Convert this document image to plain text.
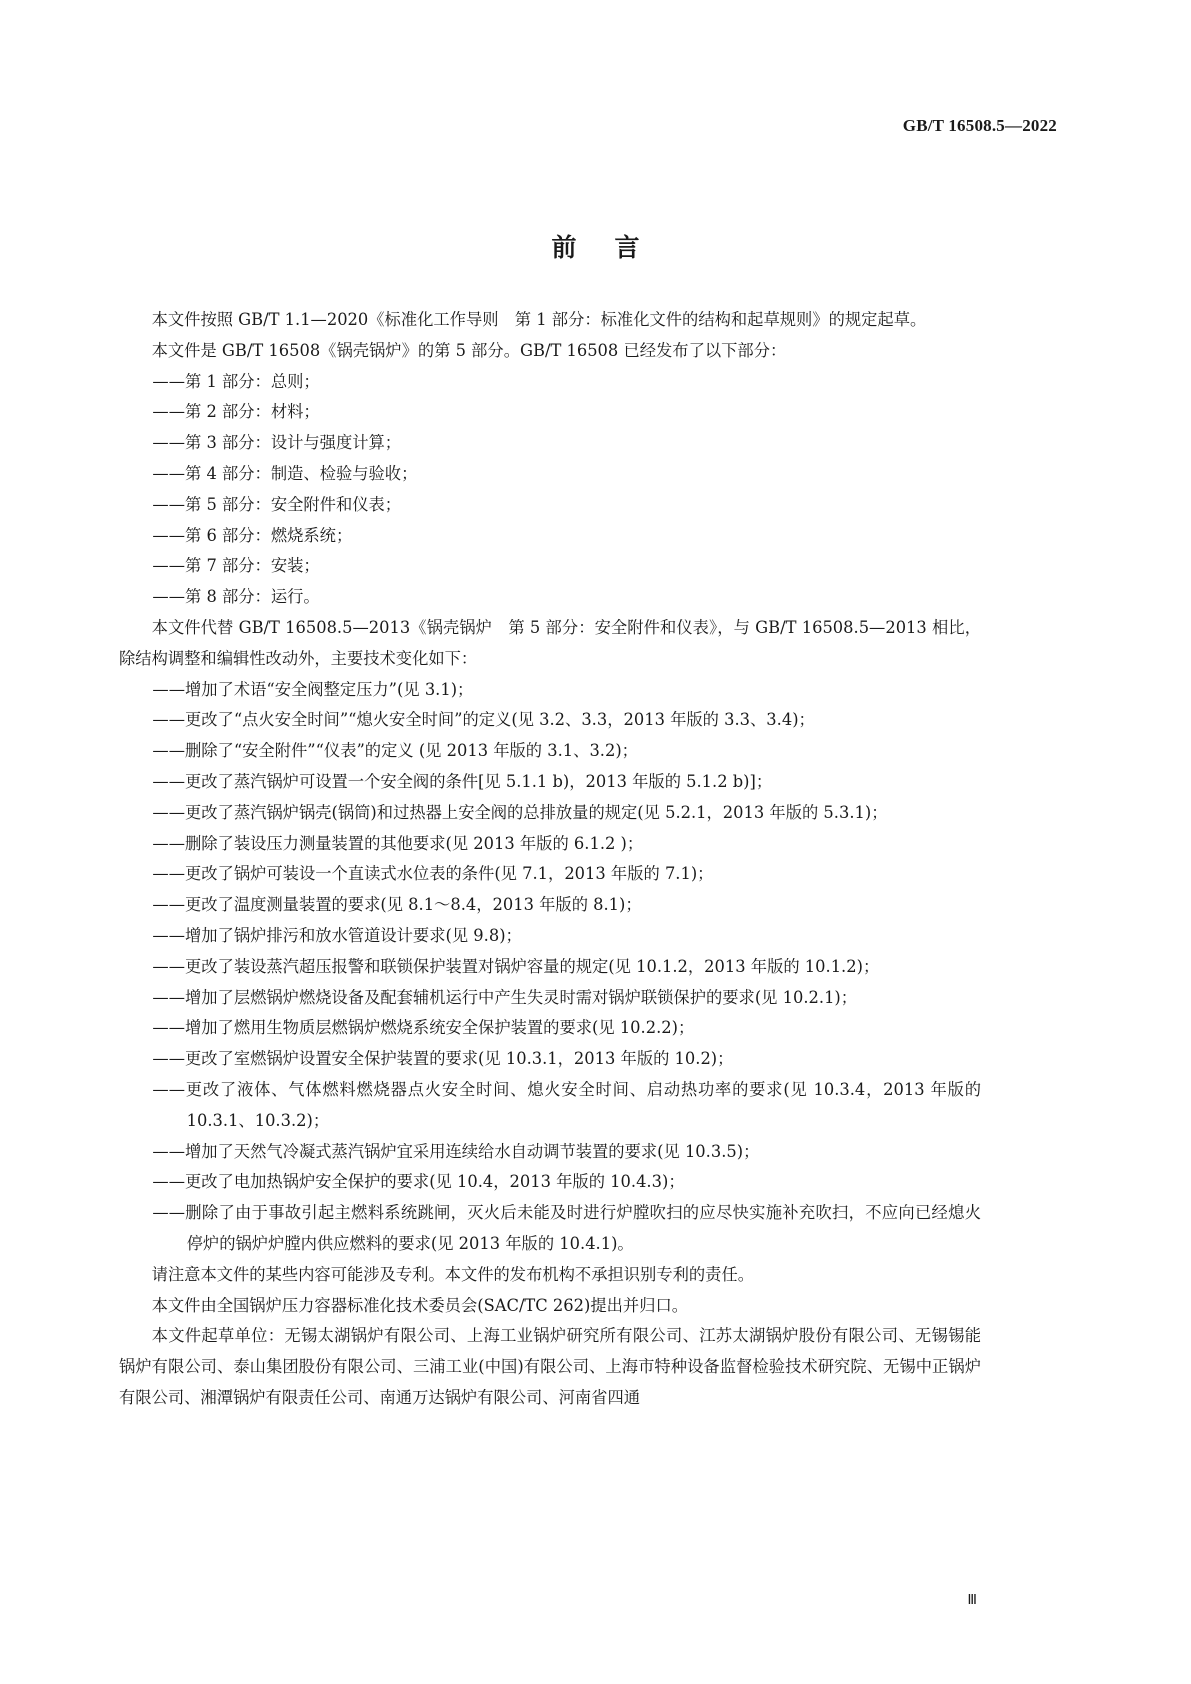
GB/T 16508.5—2022
前言

本文件按照 GB/T 1.1—2020《标准化工作导则　第 1 部分：标准化文件的结构和起草规则》的规定起草。

本文件是 GB/T 16508《锅壳锅炉》的第 5 部分。GB/T 16508 已经发布了以下部分：

——第 1 部分：总则；

——第 2 部分：材料；

——第 3 部分：设计与强度计算；

——第 4 部分：制造、检验与验收；

——第 5 部分：安全附件和仪表；

——第 6 部分：燃烧系统；

——第 7 部分：安装；

——第 8 部分：运行。

本文件代替 GB/T 16508.5—2013《锅壳锅炉　第 5 部分：安全附件和仪表》，与 GB/T 16508.5—2013 相比，除结构调整和编辑性改动外，主要技术变化如下：

——增加了术语“安全阀整定压力”(见 3.1)；

——更改了“点火安全时间”“熄火安全时间”的定义(见 3.2、3.3，2013 年版的 3.3、3.4)；

——删除了“安全附件”“仪表”的定义 (见 2013 年版的 3.1、3.2)；

——更改了蒸汽锅炉可设置一个安全阀的条件[见 5.1.1 b)，2013 年版的 5.1.2 b)]；

——更改了蒸汽锅炉锅壳(锅筒)和过热器上安全阀的总排放量的规定(见 5.2.1，2013 年版的 5.3.1)；

——删除了装设压力测量装置的其他要求(见 2013 年版的 6.1.2 )；

——更改了锅炉可装设一个直读式水位表的条件(见 7.1，2013 年版的 7.1)；

——更改了温度测量装置的要求(见 8.1～8.4，2013 年版的 8.1)；

——增加了锅炉排污和放水管道设计要求(见 9.8)；

——更改了装设蒸汽超压报警和联锁保护装置对锅炉容量的规定(见 10.1.2，2013 年版的 10.1.2)；

——增加了层燃锅炉燃烧设备及配套辅机运行中产生失灵时需对锅炉联锁保护的要求(见 10.2.1)；

——增加了燃用生物质层燃锅炉燃烧系统安全保护装置的要求(见 10.2.2)；

——更改了室燃锅炉设置安全保护装置的要求(见 10.3.1，2013 年版的 10.2)；

——更改了液体、气体燃料燃烧器点火安全时间、熄火安全时间、启动热功率的要求(见 10.3.4，2013 年版的 10.3.1、10.3.2)；

——增加了天然气冷凝式蒸汽锅炉宜采用连续给水自动调节装置的要求(见 10.3.5)；

——更改了电加热锅炉安全保护的要求(见 10.4，2013 年版的 10.4.3)；

——删除了由于事故引起主燃料系统跳闸，灭火后未能及时进行炉膛吹扫的应尽快实施补充吹扫，不应向已经熄火停炉的锅炉炉膛内供应燃料的要求(见 2013 年版的 10.4.1)。

请注意本文件的某些内容可能涉及专利。本文件的发布机构不承担识别专利的责任。

本文件由全国锅炉压力容器标准化技术委员会(SAC/TC 262)提出并归口。

本文件起草单位：无锡太湖锅炉有限公司、上海工业锅炉研究所有限公司、江苏太湖锅炉股份有限公司、无锡锡能锅炉有限公司、泰山集团股份有限公司、三浦工业(中国)有限公司、上海市特种设备监督检验技术研究院、无锡中正锅炉有限公司、湘潭锅炉有限责任公司、南通万达锅炉有限公司、河南省四通

Ⅲ
